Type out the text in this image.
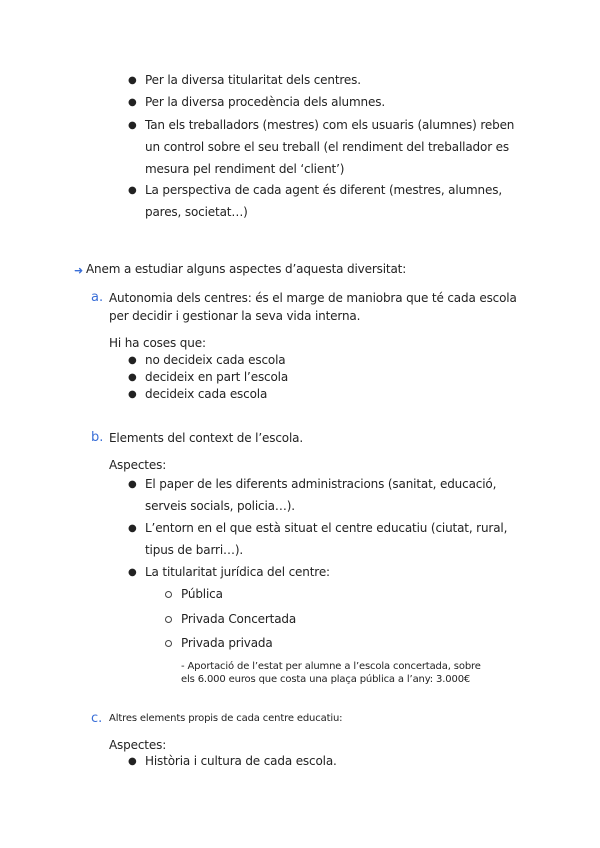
● Per la diversa titularitat dels centres.
● Per la diversa procedència dels alumnes.
● Tan els treballadors (mestres) com els usuaris (alumnes) reben
un control sobre el seu treball (el rendiment del treballador es
mesura pel rendiment del ‘client’)
● La perspectiva de cada agent és diferent (mestres, alumnes,
pares, societat…)
➜ Anem a estudiar alguns aspectes d’aquesta diversitat:
a. Autonomia dels centres: és el marge de maniobra que té cada escola
per decidir i gestionar la seva vida interna.
Hi ha coses que:
● no decideix cada escola
● decideix en part l’escola
● decideix cada escola
b. Elements del context de l’escola.
Aspectes:
● El paper de les diferents administracions (sanitat, educació,
serveis socials, policia…).
● L’entorn en el que està situat el centre educatiu (ciutat, rural,
tipus de barri…).
● La titularitat jurídica del centre:
Pública
Privada Concertada
Privada privada
- Aportació de l’estat per alumne a l’escola concertada, sobre
els 6.000 euros que costa una plaça pública a l’any: 3.000€
c. Altres elements propis de cada centre educatiu:
Aspectes:
● Història i cultura de cada escola.
